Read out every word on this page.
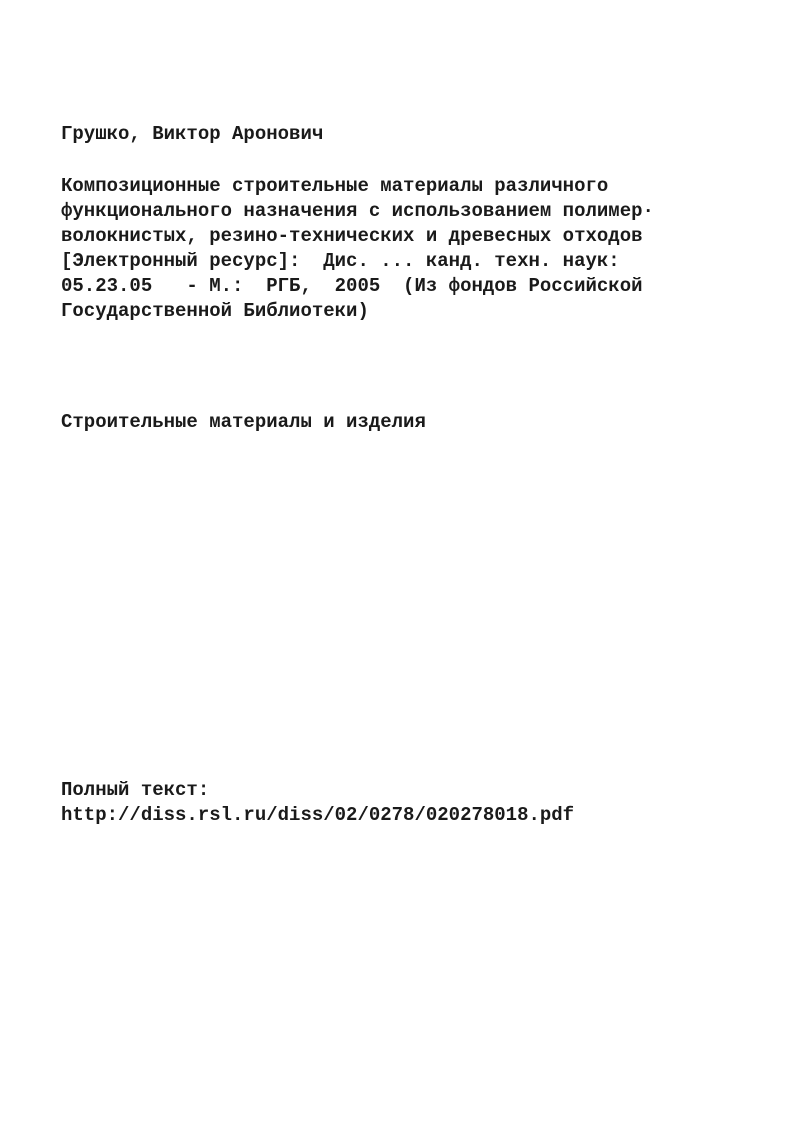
Грушко, Виктор Аронович
Композиционные строительные материалы различного
функционального назначения с использованием полимер·
волокнистых, резино-технических и древесных отходов
[Электронный ресурс]:  Дис. ... канд. техн. наук:
05.23.05   - М.:  РГБ,  2005  (Из фондов Российской
Государственной Библиотеки)
Строительные материалы и изделия
Полный текст:
http://diss.rsl.ru/diss/02/0278/020278018.pdf
